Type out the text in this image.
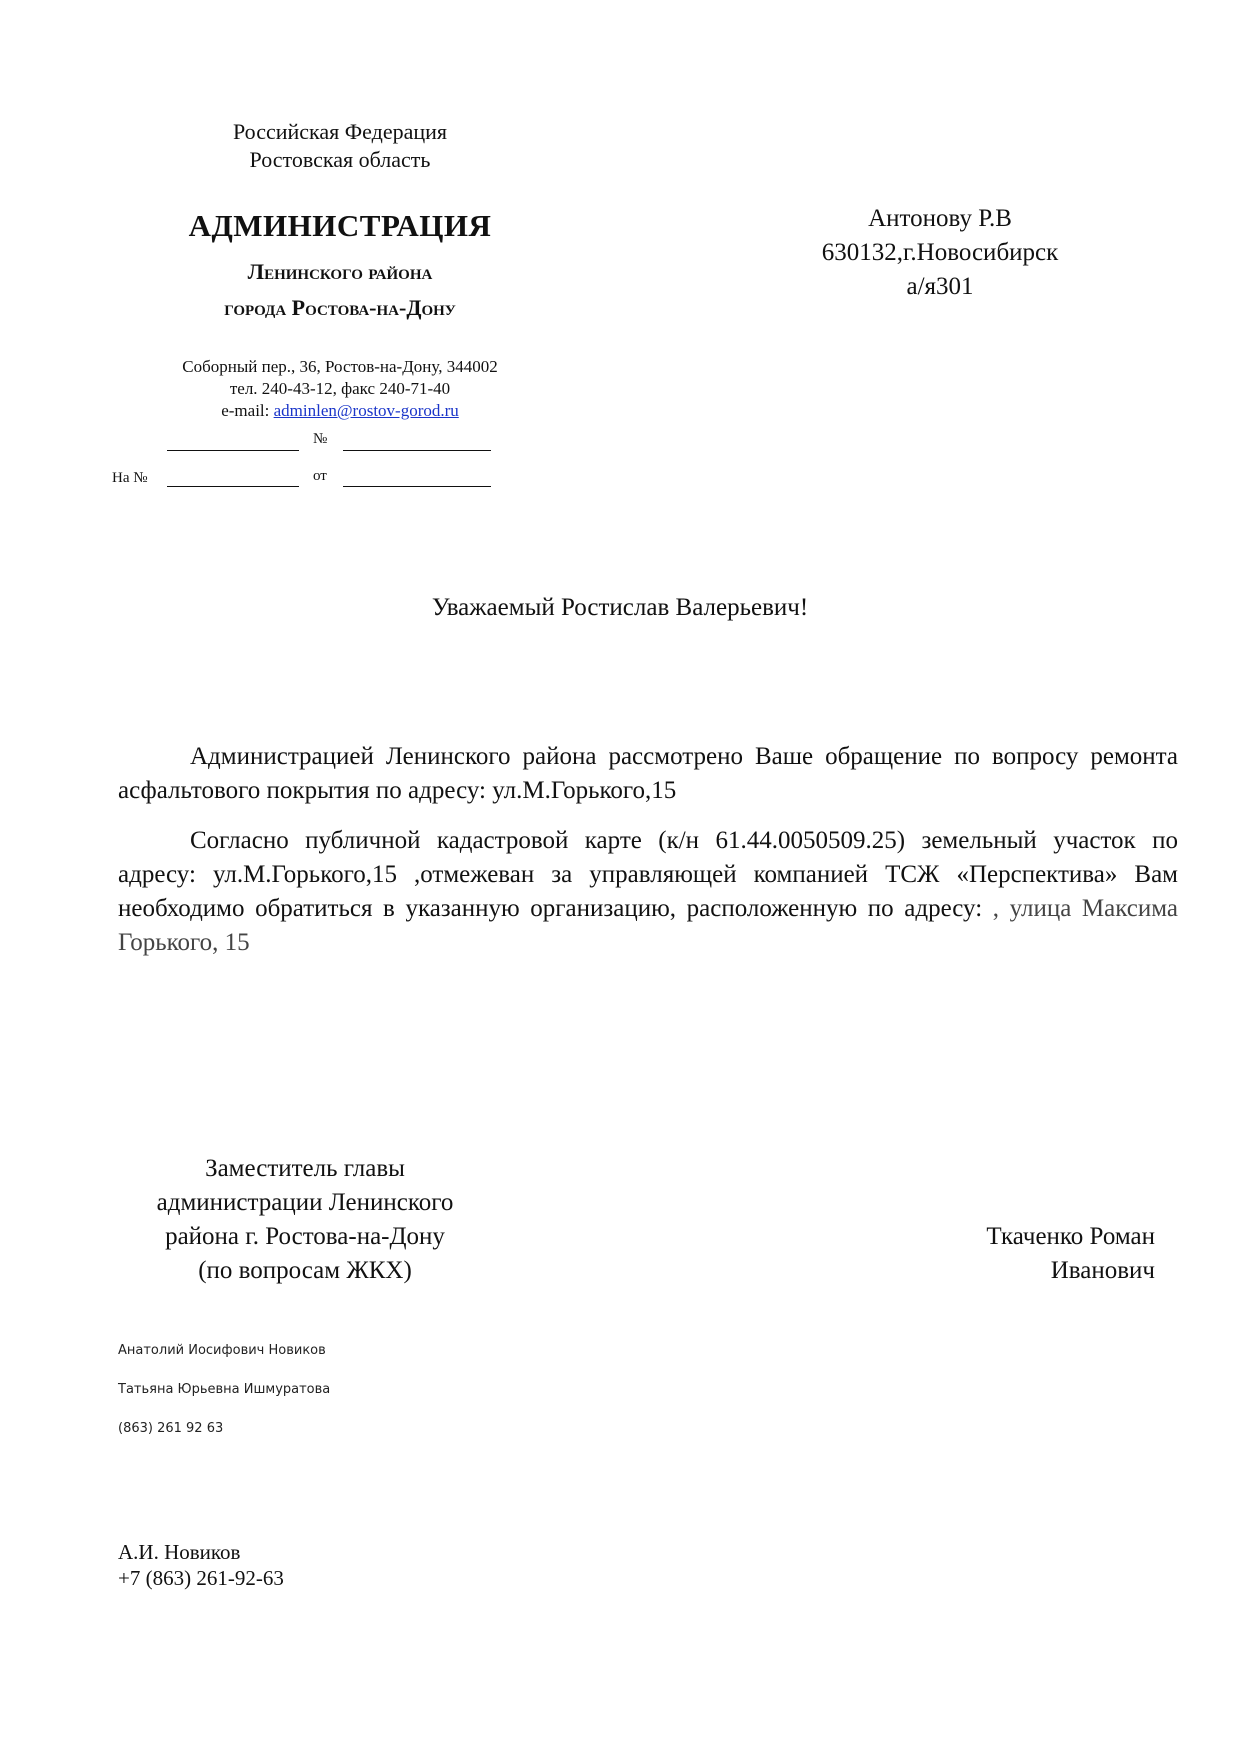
Российская Федерация
Ростовская область
АДМИНИСТРАЦИЯ
Ленинского района
города Ростова-на-Дону
Соборный пер., 36, Ростов-на-Дону, 344002
тел. 240-43-12, факс 240-71-40
e-mail: adminlen@rostov-gorod.ru
№
На №	от
Антонову Р.В
630132,г.Новосибирск
а/я301
Уважаемый Ростислав Валерьевич!

Администрацией Ленинского района рассмотрено Ваше обращение по вопросу ремонта асфальтового покрытия по адресу: ул.М.Горького,15

Согласно публичной кадастровой карте (к/н 61.44.0050509.25) земельный участок по адресу: ул.М.Горького,15 ,отмежеван за управляющей компанией ТСЖ «Перспектива» Вам необходимо обратиться в указанную организацию, расположенную по адресу: , улица Максима Горького, 15

Заместитель главы
администрации Ленинского
района г. Ростова-на-Дону
(по вопросам ЖКХ)
Ткаченко Роман
Иванович
Анатолий Иосифович Новиков
Татьяна Юрьевна Ишмуратова
(863) 261 92 63
А.И. Новиков
+7 (863) 261-92-63
